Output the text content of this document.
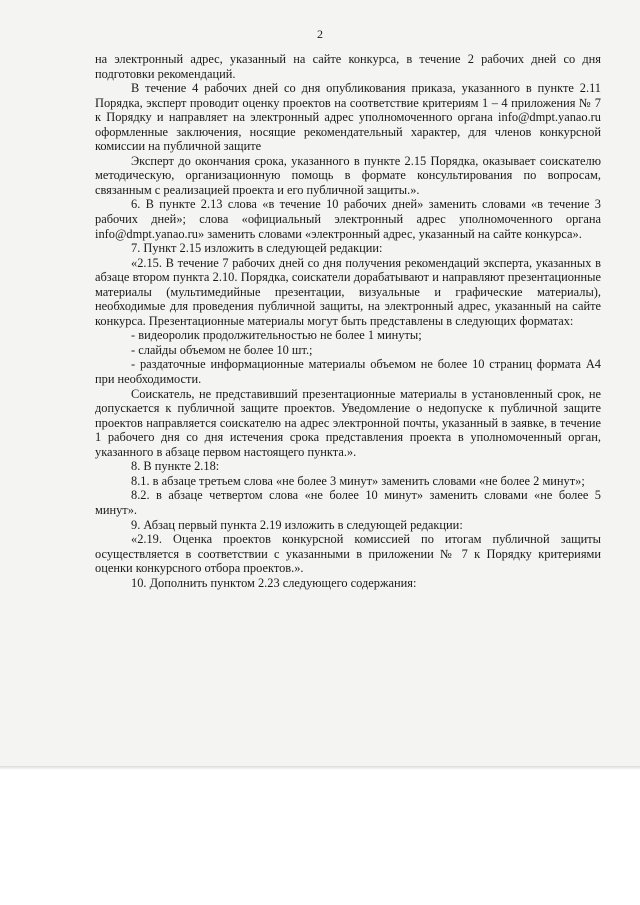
2

на электронный адрес, указанный на сайте конкурса, в течение 2 рабочих дней со дня подготовки рекомендаций.

В течение 4 рабочих дней со дня опубликования приказа, указанного в пункте 2.11 Порядка, эксперт проводит оценку проектов на соответствие критериям 1 – 4 приложения № 7 к Порядку и направляет на электронный адрес уполномоченного органа info@dmpt.yanao.ru оформленные заключения, носящие рекомендательный характер, для членов конкурсной комиссии на публичной защите

Эксперт до окончания срока, указанного в пункте 2.15 Порядка, оказывает соискателю методическую, организационную помощь в формате консультирования по вопросам, связанным с реализацией проекта и его публичной защиты.».

6. В пункте 2.13 слова «в течение 10 рабочих дней» заменить словами «в течение 3 рабочих дней»; слова «официальный электронный адрес уполномоченного органа info@dmpt.yanao.ru» заменить словами «электронный адрес, указанный на сайте конкурса».

7. Пункт 2.15 изложить в следующей редакции:

«2.15. В течение 7 рабочих дней со дня получения рекомендаций эксперта, указанных в абзаце втором пункта 2.10. Порядка, соискатели дорабатывают и направляют презентационные материалы (мультимедийные презентации, визуальные и графические материалы), необходимые для проведения публичной защиты, на электронный адрес, указанный на сайте конкурса. Презентационные материалы могут быть представлены в следующих форматах:

- видеоролик продолжительностью не более 1 минуты;

- слайды объемом не более 10 шт.;

- раздаточные информационные материалы объемом не более 10 страниц формата А4 при необходимости.

Соискатель, не представивший презентационные материалы в установленный срок, не допускается к публичной защите проектов. Уведомление о недопуске к публичной защите проектов направляется соискателю на адрес электронной почты, указанный в заявке, в течение 1 рабочего дня со дня истечения срока представления проекта в уполномоченный орган, указанного в абзаце первом настоящего пункта.».

8. В пункте 2.18:

8.1. в абзаце третьем слова «не более 3 минут» заменить словами «не более 2 минут»;

8.2. в абзаце четвертом слова «не более 10 минут» заменить словами «не более 5 минут».

9. Абзац первый пункта 2.19 изложить в следующей редакции:

«2.19. Оценка проектов конкурсной комиссией по итогам публичной защиты осуществляется в соответствии с указанными в приложении № 7 к Порядку критериями оценки конкурсного отбора проектов.».

10. Дополнить пунктом 2.23 следующего содержания:
